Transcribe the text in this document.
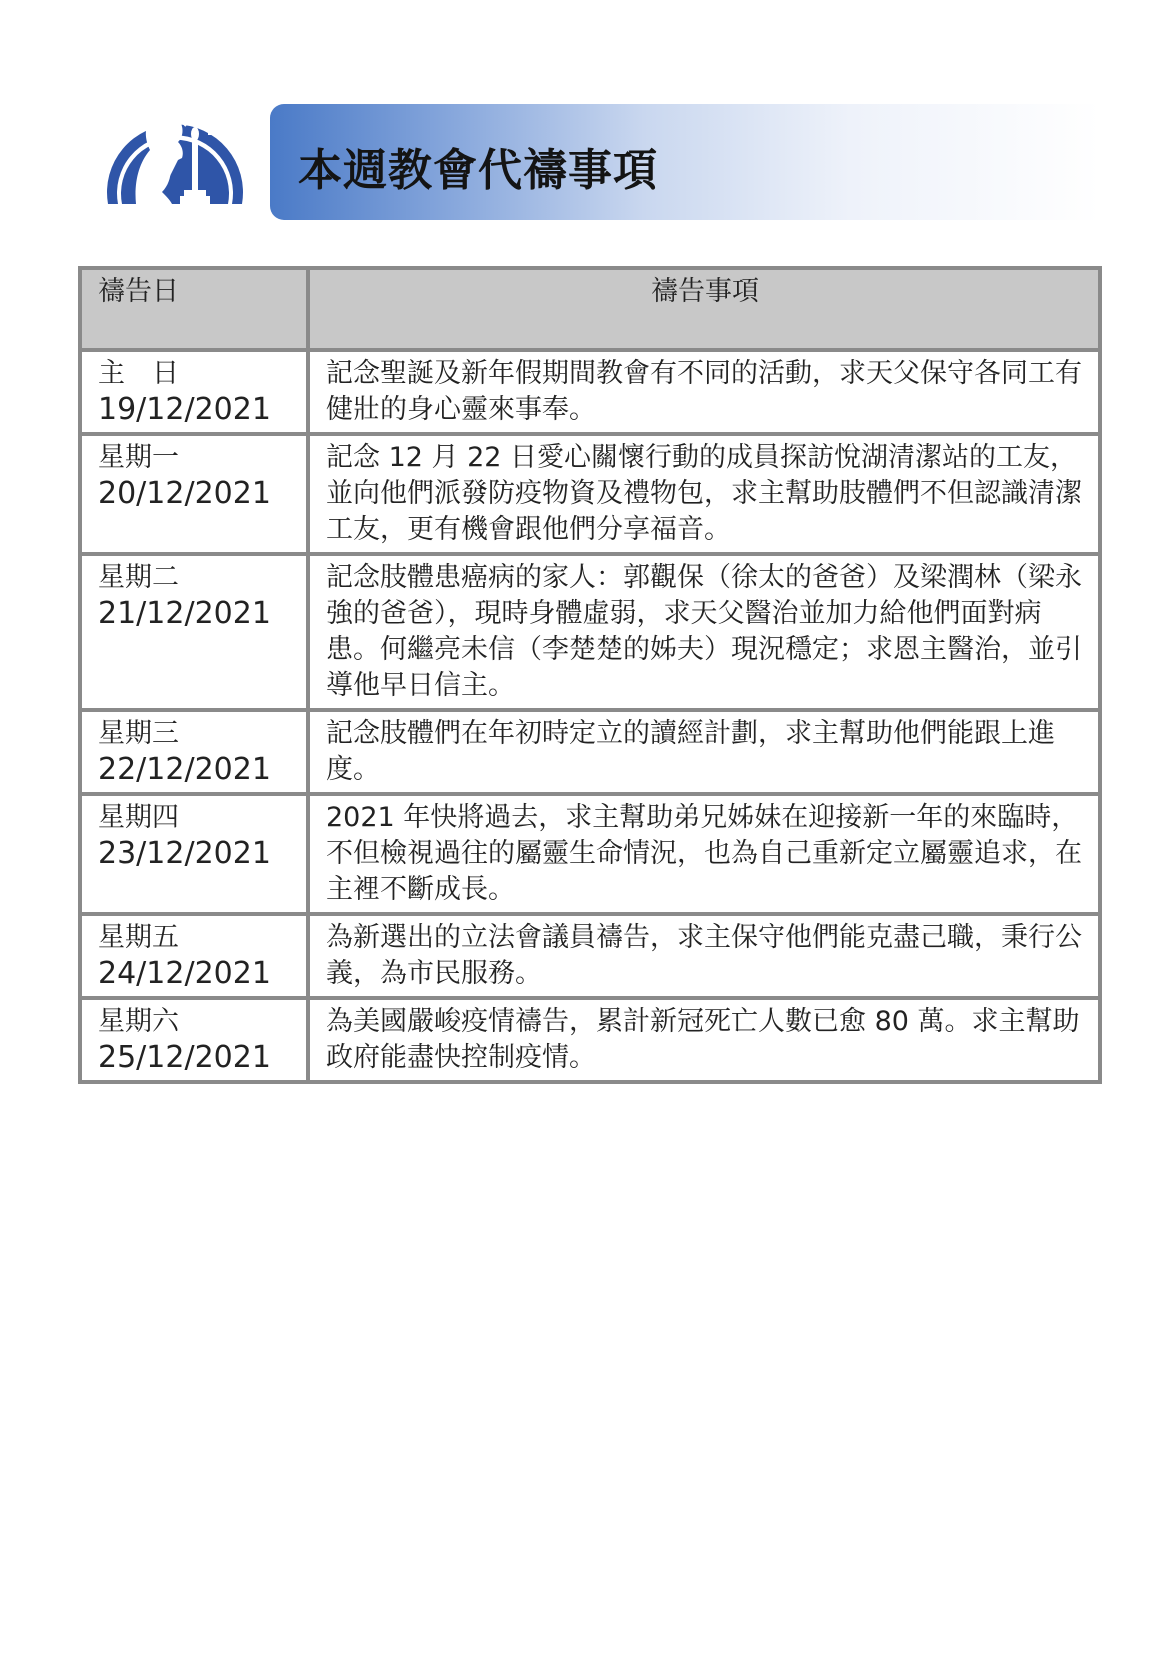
本週教會代禱事項
禱告日	禱告事項

主　日
19/12/2021	記念聖誕及新年假期間教會有不同的活動，求天父保守各同工有健壯的身心靈來事奉。

星期一
20/12/2021	記念 12 月 22 日愛心關懷行動的成員探訪悅湖清潔站的工友，並向他們派發防疫物資及禮物包，求主幫助肢體們不但認識清潔工友，更有機會跟他們分享福音。

星期二
21/12/2021	記念肢體患癌病的家人：郭觀保（徐太的爸爸）及梁潤林（梁永強的爸爸），現時身體虛弱，求天父醫治並加力給他們面對病患。何繼亮未信（李楚楚的姊夫）現況穩定；求恩主醫治，並引導他早日信主。

星期三
22/12/2021	記念肢體們在年初時定立的讀經計劃，求主幫助他們能跟上進度。

星期四
23/12/2021	2021 年快將過去，求主幫助弟兄姊妹在迎接新一年的來臨時，不但檢視過往的屬靈生命情況，也為自己重新定立屬靈追求，在主裡不斷成長。

星期五
24/12/2021	為新選出的立法會議員禱告，求主保守他們能克盡己職，秉行公義，為市民服務。

星期六
25/12/2021	為美國嚴峻疫情禱告，累計新冠死亡人數已愈 80 萬。求主幫助政府能盡快控制疫情。
